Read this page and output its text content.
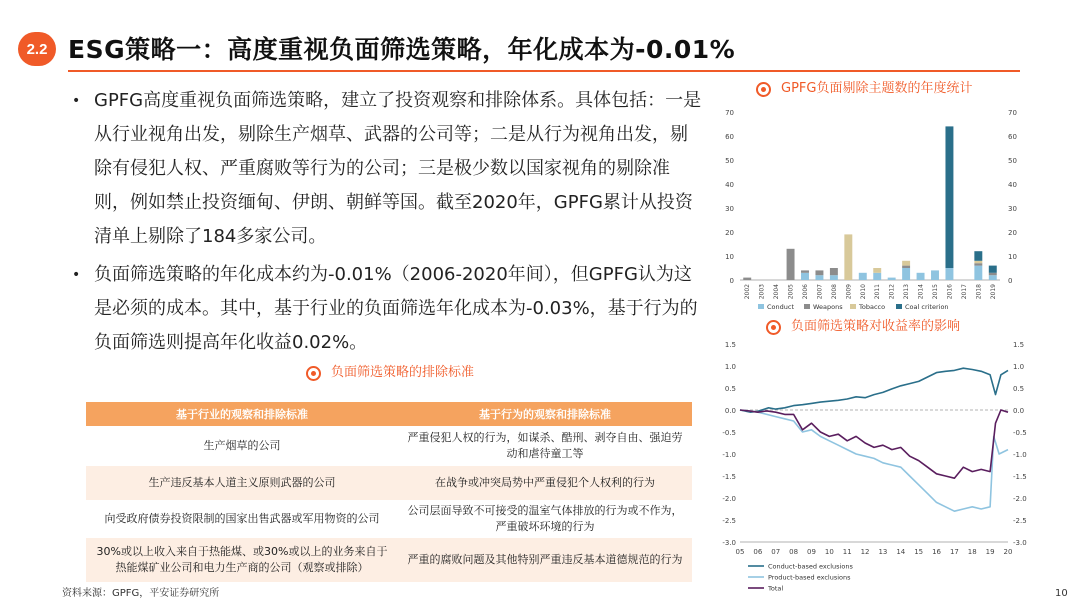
2.2 ESG策略一：高度重视负面筛选策略，年化成本为-0.01%
• GPFG高度重视负面筛选策略，建立了投资观察和排除体系。具体包括：一是从行业视角出发，剔除生产烟草、武器的公司等；二是从行为视角出发，剔除有侵犯人权、严重腐败等行为的公司；三是极少数以国家视角的剔除准则，例如禁止投资缅甸、伊朗、朝鲜等国。截至2020年，GPFG累计从投资清单上剔除了184多家公司。
• 负面筛选策略的年化成本约为-0.01%（2006-2020年间），但GPFG认为这是必须的成本。其中，基于行业的负面筛选年化成本为-0.03%，基于行为的负面筛选则提高年化收益0.02%。
负面筛选策略的排除标准
基于行业的观察和排除标准	基于行为的观察和排除标准
生产烟草的公司	严重侵犯人权的行为，如谋杀、酷刑、剥夺自由、强迫劳动和虐待童工等
生产违反基本人道主义原则武器的公司	在战争或冲突局势中严重侵犯个人权利的行为
向受政府债券投资限制的国家出售武器或军用物资的公司	公司层面导致不可接受的温室气体排放的行为或不作为，严重破坏环境的行为
30%或以上收入来自于热能煤、或30%或以上的业务来自于热能煤矿业公司和电力生产商的公司（观察或排除）	严重的腐败问题及其他特别严重违反基本道德规范的行为
GPFG负面剔除主题数的年度统计
0	0
10	10
20	20
30	30
40	40
50	50
60	60
70	70
2002 2003 2004 2005 2006 2007 2008 2009 2010 2011 2012 2013 2014 2015 2016 2017 2018 2019
Conduct	Weapons	Tobacco	Coal criterion
负面筛选策略对收益率的影响
1.5	1.5
1.0	1.0
0.5	0.5
0.0	0.0
-0.5	-0.5
-1.0	-1.0
-1.5	-1.5
-2.0	-2.0
-2.5	-2.5
-3.0	-3.0
05 06 07 08 09 10 11 12 13 14 15 16 17 18 19 20
Conduct-based exclusions
Product-based exclusions
Total
资料来源：GPFG，平安证券研究所	10
